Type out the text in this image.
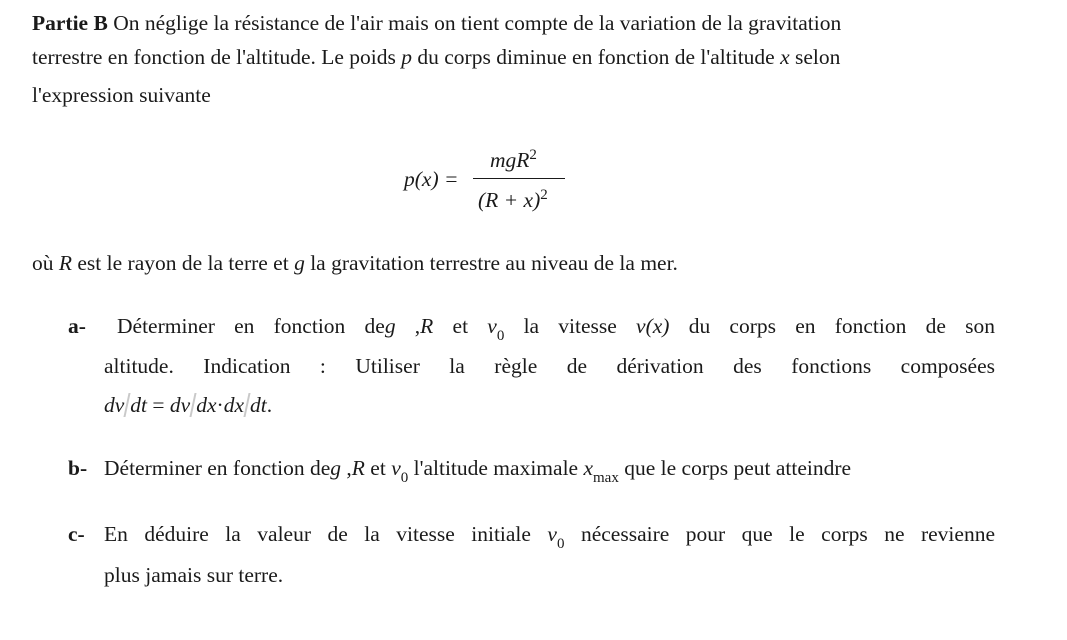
Partie B On néglige la résistance de l'air mais on tient compte de la variation de la gravitation
terrestre en fonction de l'altitude. Le poids p du corps diminue en fonction de l'altitude x selon
l'expression suivante
p(x) =
mgR$^2$
$(R + x)^2$
où R est le rayon de la terre et g la gravitation terrestre au niveau de la mer.
a- Déterminer en fonction deg ,R et $v_0$ la vitesse v(x) du corps en fonction de son
altitude. Indication : Utiliser la règle de dérivation des fonctions composées
dv dt = dv dx·dx dt.
b- Déterminer en fonction deg ,R et $v_0$ l'altitude maximale $x_{max}$ que le corps peut atteindre
c- En déduire la valeur de la vitesse initiale $v_0$ nécessaire pour que le corps ne revienne
plus jamais sur terre.
